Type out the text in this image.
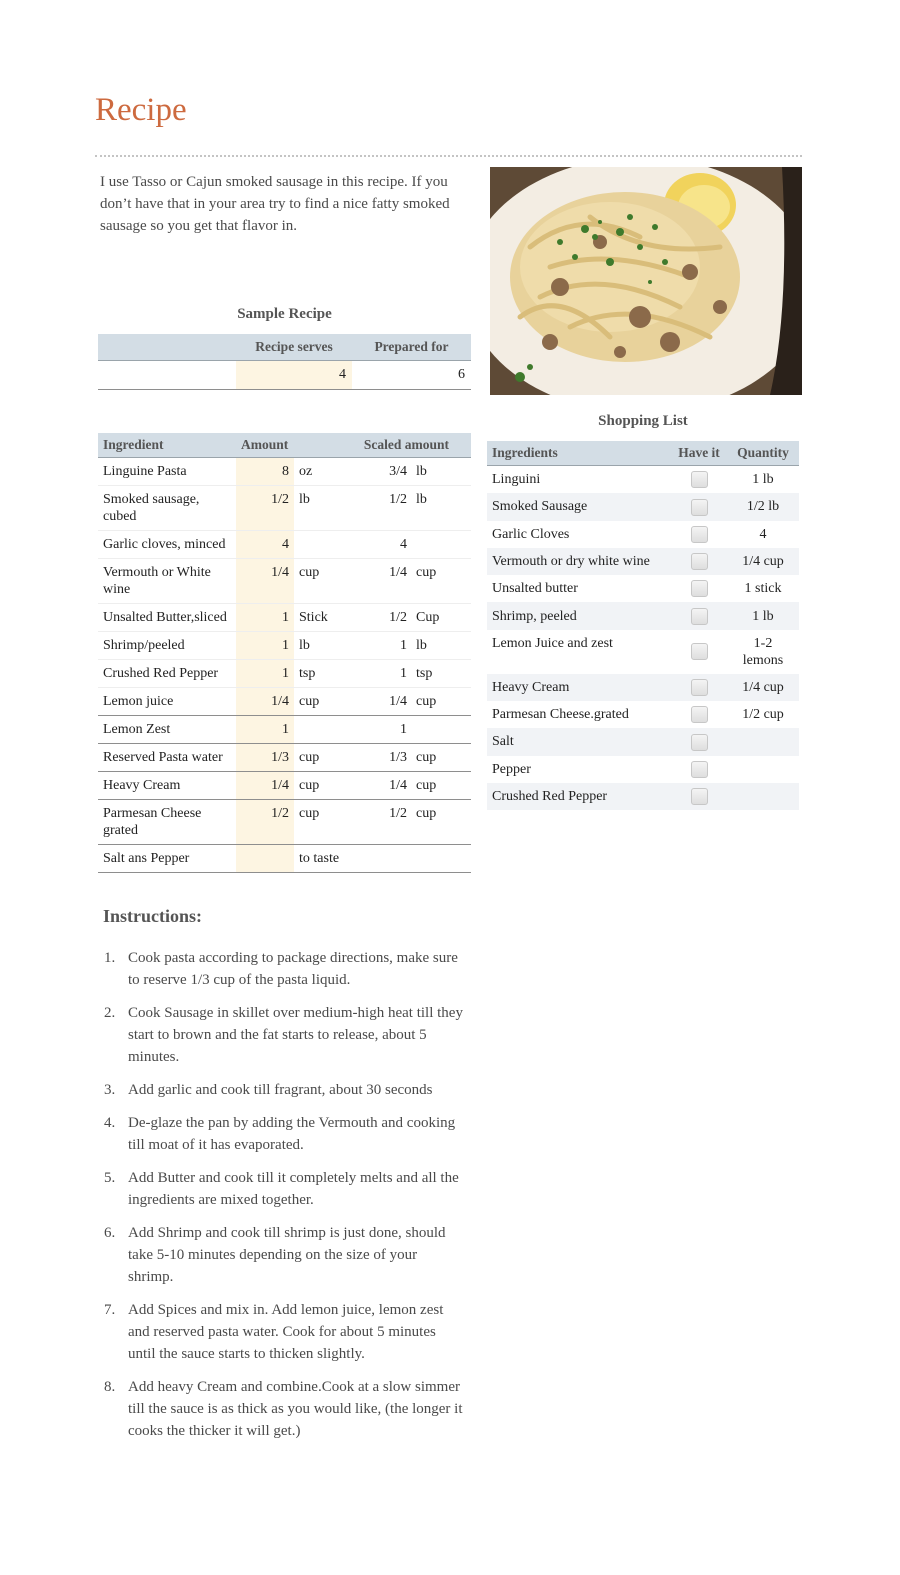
Recipe

I use Tasso or Cajun smoked sausage in this recipe. If you don’t have that in your area try to find a nice fatty smoked sausage so you get that flavor in.

Sample Recipe

	Recipe serves	Prepared for
	4	6
Ingredient	Amount		Scaled amount	
Linguine Pasta	8	oz	3/4	lb
Smoked sausage, cubed	1/2	lb	1/2	lb
Garlic cloves, minced	4		4	
Vermouth or White wine	1/4	cup	1/4	cup
Unsalted Butter,sliced	1	Stick	1/2	Cup
Shrimp/peeled	1	lb	1	lb
Crushed Red Pepper	1	tsp	1	tsp
Lemon juice	1/4	cup	1/4	cup
Lemon Zest	1		1	
Reserved Pasta water	1/3	cup	1/3	cup
Heavy Cream	1/4	cup	1/4	cup
Parmesan Cheese grated	1/2	cup	1/2	cup
Salt ans Pepper		to taste		

Shopping List

Ingredients	Have it	Quantity
Linguini		1 lb
Smoked Sausage		1/2 lb
Garlic Cloves		4
Vermouth or dry white wine		1/4 cup
Unsalted butter		1 stick
Shrimp, peeled		1 lb
Lemon Juice and zest		1-2 lemons
Heavy Cream		1/4 cup
Parmesan Cheese.grated		1/2 cup
Salt		
Pepper		
Crushed Red Pepper		
Instructions:
1. Cook pasta according to package directions, make sure to reserve 1/3 cup of the pasta liquid.
2. Cook Sausage in skillet over medium-high heat till they start to brown and the fat starts to release, about 5 minutes.
3. Add garlic and cook till fragrant, about 30 seconds
4. De-glaze the pan by adding the Vermouth and cooking till moat of it has evaporated.
5. Add Butter and cook till it completely melts and all the ingredients are mixed together.
6. Add Shrimp and cook till shrimp is just done, should take 5-10 minutes depending on the size of your shrimp.
7. Add Spices and mix in. Add lemon juice, lemon zest and reserved pasta water. Cook for about 5 minutes until the sauce starts to thicken slightly.
8. Add heavy Cream and combine.Cook at a slow simmer till the sauce is as thick as you would like, (the longer it cooks the thicker it will get.)
